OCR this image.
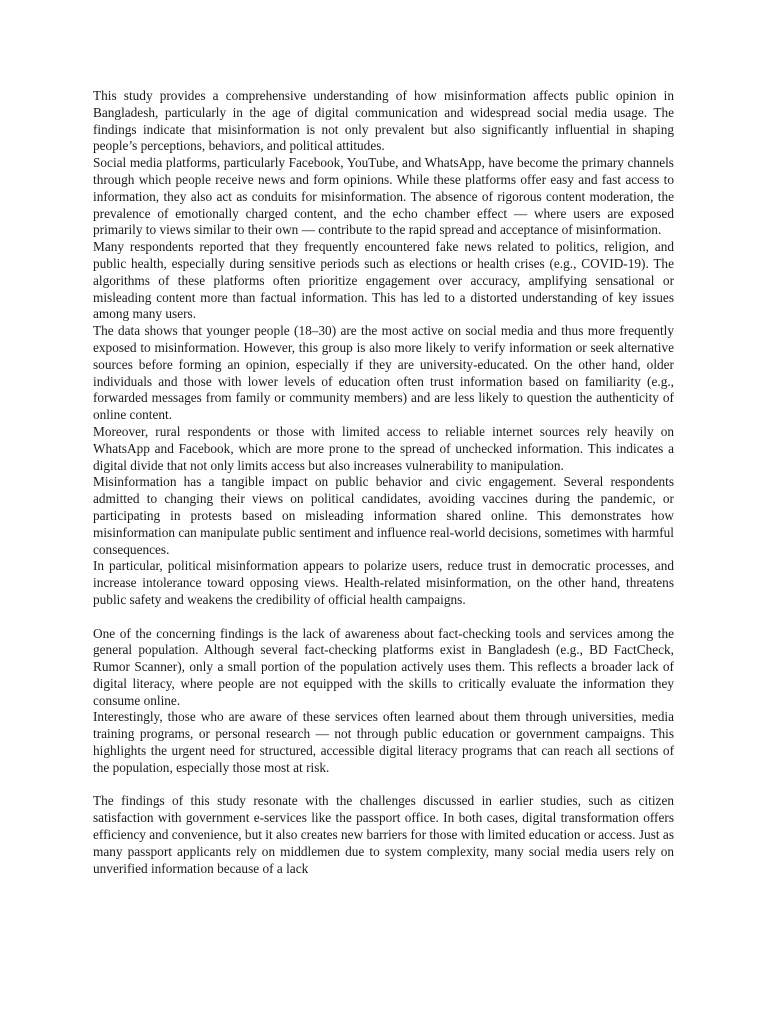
This study provides a comprehensive understanding of how misinformation affects public opinion in Bangladesh, particularly in the age of digital communication and widespread social media usage. The findings indicate that misinformation is not only prevalent but also significantly influential in shaping people’s perceptions, behaviors, and political attitudes.

Social media platforms, particularly Facebook, YouTube, and WhatsApp, have become the primary channels through which people receive news and form opinions. While these platforms offer easy and fast access to information, they also act as conduits for misinformation. The absence of rigorous content moderation, the prevalence of emotionally charged content, and the echo chamber effect — where users are exposed primarily to views similar to their own — contribute to the rapid spread and acceptance of misinformation.

Many respondents reported that they frequently encountered fake news related to politics, religion, and public health, especially during sensitive periods such as elections or health crises (e.g., COVID-19). The algorithms of these platforms often prioritize engagement over accuracy, amplifying sensational or misleading content more than factual information. This has led to a distorted understanding of key issues among many users.

The data shows that younger people (18–30) are the most active on social media and thus more frequently exposed to misinformation. However, this group is also more likely to verify information or seek alternative sources before forming an opinion, especially if they are university-educated. On the other hand, older individuals and those with lower levels of education often trust information based on familiarity (e.g., forwarded messages from family or community members) and are less likely to question the authenticity of online content.

Moreover, rural respondents or those with limited access to reliable internet sources rely heavily on WhatsApp and Facebook, which are more prone to the spread of unchecked information. This indicates a digital divide that not only limits access but also increases vulnerability to manipulation.

Misinformation has a tangible impact on public behavior and civic engagement. Several respondents admitted to changing their views on political candidates, avoiding vaccines during the pandemic, or participating in protests based on misleading information shared online. This demonstrates how misinformation can manipulate public sentiment and influence real-world decisions, sometimes with harmful consequences.

In particular, political misinformation appears to polarize users, reduce trust in democratic processes, and increase intolerance toward opposing views. Health-related misinformation, on the other hand, threatens public safety and weakens the credibility of official health campaigns.

One of the concerning findings is the lack of awareness about fact-checking tools and services among the general population. Although several fact-checking platforms exist in Bangladesh (e.g., BD FactCheck, Rumor Scanner), only a small portion of the population actively uses them. This reflects a broader lack of digital literacy, where people are not equipped with the skills to critically evaluate the information they consume online.

Interestingly, those who are aware of these services often learned about them through universities, media training programs, or personal research — not through public education or government campaigns. This highlights the urgent need for structured, accessible digital literacy programs that can reach all sections of the population, especially those most at risk.

The findings of this study resonate with the challenges discussed in earlier studies, such as citizen satisfaction with government e-services like the passport office. In both cases, digital transformation offers efficiency and convenience, but it also creates new barriers for those with limited education or access. Just as many passport applicants rely on middlemen due to system complexity, many social media users rely on unverified information because of a lack
